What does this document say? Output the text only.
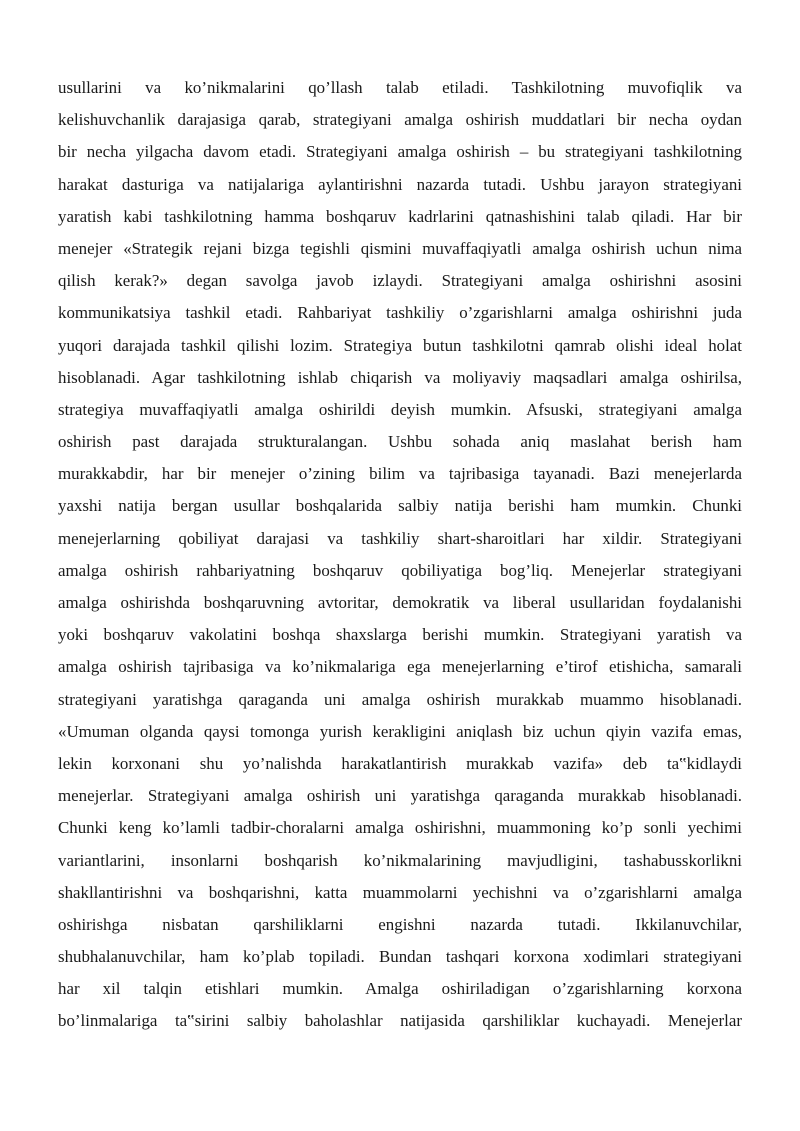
usullarini va ko’nikmalarini qo’llash talab etiladi. Tashkilotning muvofiqlik va
kelishuvchanlik darajasiga qarab, strategiyani amalga oshirish muddatlari bir necha oydan
bir necha yilgacha davom etadi. Strategiyani amalga oshirish – bu strategiyani tashkilotning
harakat dasturiga va natijalariga aylantirishni nazarda tutadi. Ushbu jarayon strategiyani
yaratish kabi tashkilotning hamma boshqaruv kadrlarini qatnashishini talab qiladi. Har bir
menejer «Strategik rejani bizga tegishli qismini muvaffaqiyatli amalga oshirish uchun nima
qilish kerak?» degan savolga javob izlaydi. Strategiyani amalga oshirishni asosini
kommunikatsiya tashkil etadi. Rahbariyat tashkiliy o’zgarishlarni amalga oshirishni juda
yuqori darajada tashkil qilishi lozim. Strategiya butun tashkilotni qamrab olishi ideal holat
hisoblanadi. Agar tashkilotning ishlab chiqarish va moliyaviy maqsadlari amalga oshirilsa,
strategiya muvaffaqiyatli amalga oshirildi deyish mumkin. Afsuski, strategiyani amalga
oshirish past darajada strukturalangan. Ushbu sohada aniq maslahat berish ham
murakkabdir, har bir menejer o’zining bilim va tajribasiga tayanadi. Bazi menejerlarda
yaxshi natija bergan usullar boshqalarida salbiy natija berishi ham mumkin. Chunki
menejerlarning qobiliyat darajasi va tashkiliy shart-sharoitlari har xildir. Strategiyani
amalga oshirish rahbariyatning boshqaruv qobiliyatiga bog’liq. Menejerlar strategiyani
amalga oshirishda boshqaruvning avtoritar, demokratik va liberal usullaridan foydalanishi
yoki boshqaruv vakolatini boshqa shaxslarga berishi mumkin. Strategiyani yaratish va
amalga oshirish tajribasiga va ko’nikmalariga ega menejerlarning e’tirof etishicha, samarali
strategiyani yaratishga qaraganda uni amalga oshirish murakkab muammo hisoblanadi.
«Umuman olganda qaysi tomonga yurish kerakligini aniqlash biz uchun qiyin vazifa emas,
lekin korxonani shu yo’nalishda harakatlantirish murakkab vazifa» deb ta‟kidlaydi
menejerlar. Strategiyani amalga oshirish uni yaratishga qaraganda murakkab hisoblanadi.
Chunki keng ko’lamli tadbir-choralarni amalga oshirishni, muammoning ko’p sonli yechimi
variantlarini, insonlarni boshqarish ko’nikmalarining mavjudligini, tashabusskorlikni
shakllantirishni va boshqarishni, katta muammolarni yechishni va o’zgarishlarni amalga
oshirishga nisbatan qarshiliklarni engishni nazarda tutadi. Ikkilanuvchilar,
shubhalanuvchilar, ham ko’plab topiladi. Bundan tashqari korxona xodimlari strategiyani
har xil talqin etishlari mumkin. Amalga oshiriladigan o’zgarishlarning korxona
bo’linmalariga ta‟sirini salbiy baholashlar natijasida qarshiliklar kuchayadi. Menejerlar
